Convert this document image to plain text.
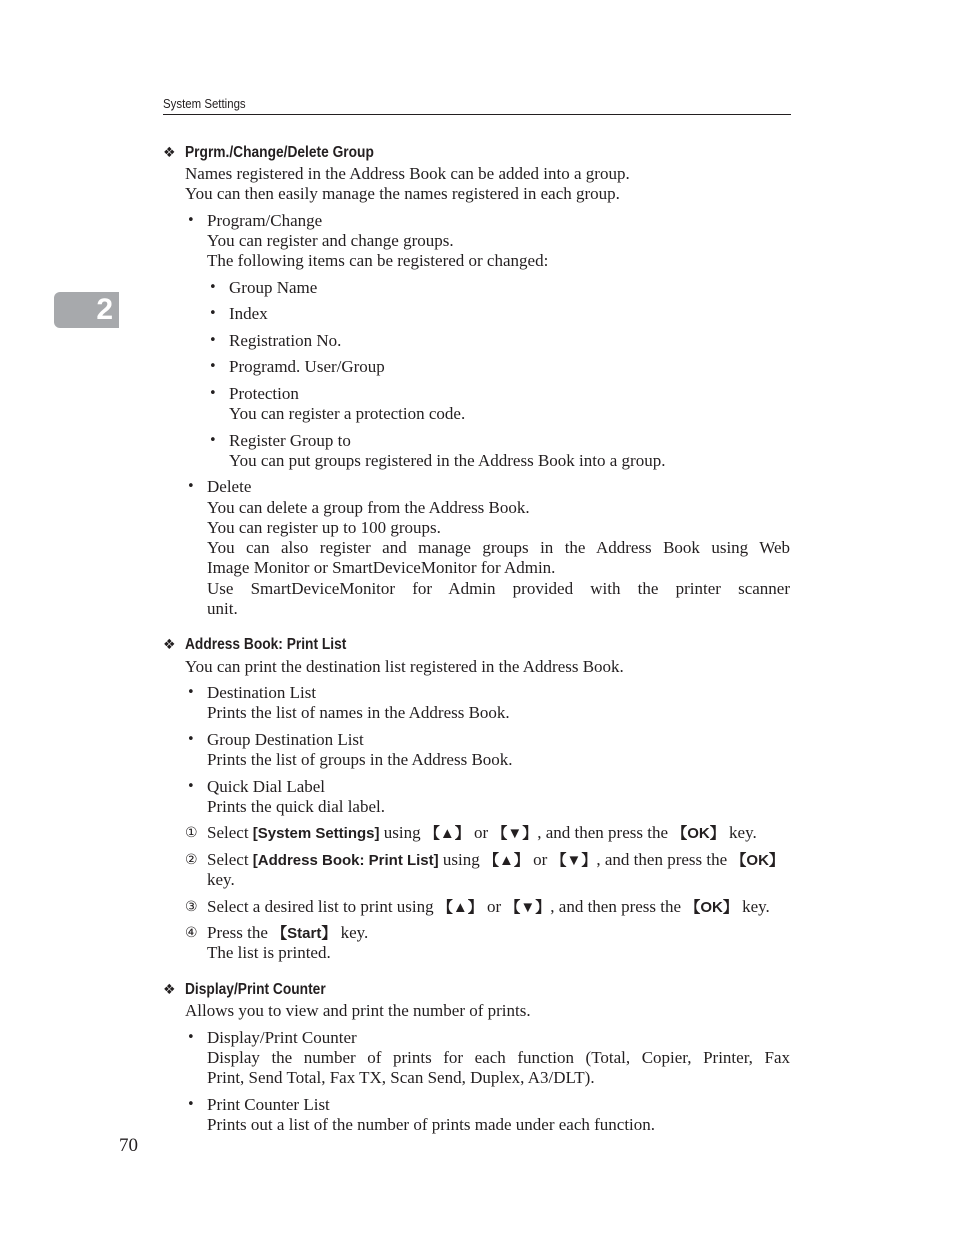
System Settings
2
❖ Prgrm./Change/Delete Group
Names registered in the Address Book can be added into a group.
You can then easily manage the names registered in each group.
• Program/Change
You can register and change groups.
The following items can be registered or changed:
• Group Name
• Index
• Registration No.
• Programd. User/Group
• Protection
You can register a protection code.
• Register Group to
You can put groups registered in the Address Book into a group.
• Delete
You can delete a group from the Address Book.
You can register up to 100 groups.
You can also register and manage groups in the Address Book using Web
Image Monitor or SmartDeviceMonitor for Admin.
Use SmartDeviceMonitor for Admin provided with the printer scanner
unit.
❖ Address Book: Print List
You can print the destination list registered in the Address Book.
• Destination List
Prints the list of names in the Address Book.
• Group Destination List
Prints the list of groups in the Address Book.
• Quick Dial Label
Prints the quick dial label.
① Select [System Settings] using 【▲】 or 【▼】, and then press the 【OK】 key.
② Select [Address Book: Print List] using 【▲】 or 【▼】, and then press the 【OK】
key.
③ Select a desired list to print using 【▲】 or 【▼】, and then press the 【OK】 key.
④ Press the 【Start】 key.
The list is printed.
❖ Display/Print Counter
Allows you to view and print the number of prints.
• Display/Print Counter
Display the number of prints for each function (Total, Copier, Printer, Fax
Print, Send Total, Fax TX, Scan Send, Duplex, A3/DLT).
• Print Counter List
Prints out a list of the number of prints made under each function.
70
